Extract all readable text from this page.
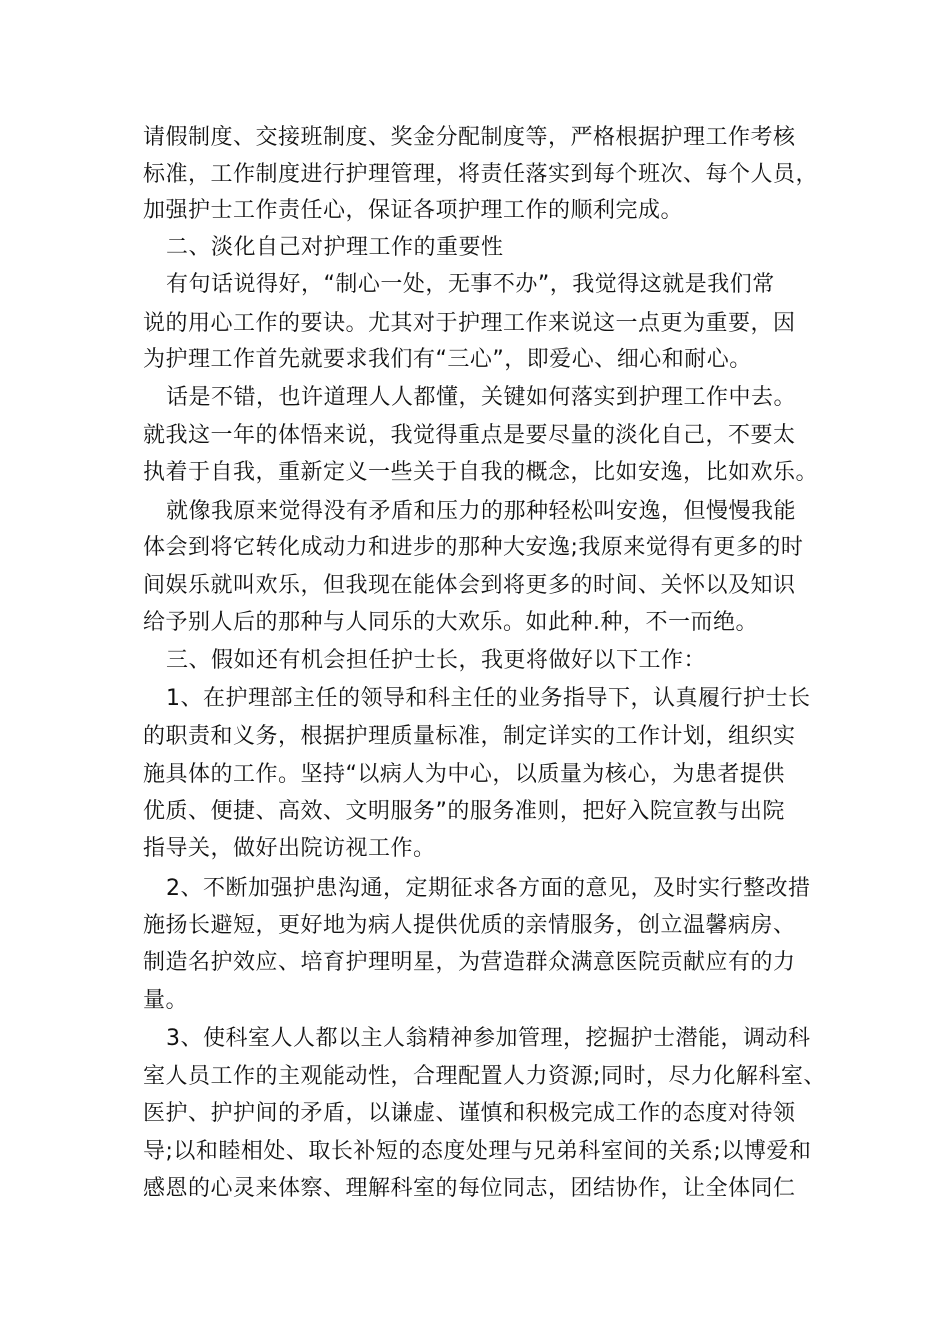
请假制度、交接班制度、奖金分配制度等，严格根据护理工作考核
标准，工作制度进行护理管理，将责任落实到每个班次、每个人员，
加强护士工作责任心，保证各项护理工作的顺利完成。
二、淡化自己对护理工作的重要性
有句话说得好，“制心一处，无事不办”，我觉得这就是我们常
说的用心工作的要诀。尤其对于护理工作来说这一点更为重要，因
为护理工作首先就要求我们有“三心”，即爱心、细心和耐心。
话是不错，也许道理人人都懂，关键如何落实到护理工作中去。
就我这一年的体悟来说，我觉得重点是要尽量的淡化自己，不要太
执着于自我，重新定义一些关于自我的概念，比如安逸，比如欢乐。
就像我原来觉得没有矛盾和压力的那种轻松叫安逸，但慢慢我能
体会到将它转化成动力和进步的那种大安逸;我原来觉得有更多的时
间娱乐就叫欢乐，但我现在能体会到将更多的时间、关怀以及知识
给予别人后的那种与人同乐的大欢乐。如此种.种，不一而绝。
三、假如还有机会担任护士长，我更将做好以下工作：
1、在护理部主任的领导和科主任的业务指导下，认真履行护士长
的职责和义务，根据护理质量标准，制定详实的工作计划，组织实
施具体的工作。坚持“以病人为中心，以质量为核心，为患者提供
优质、便捷、高效、文明服务”的服务准则，把好入院宣教与出院
指导关，做好出院访视工作。
2、不断加强护患沟通，定期征求各方面的意见，及时实行整改措
施扬长避短，更好地为病人提供优质的亲情服务，创立温馨病房、
制造名护效应、培育护理明星，为营造群众满意医院贡献应有的力
量。
3、使科室人人都以主人翁精神参加管理，挖掘护士潜能，调动科
室人员工作的主观能动性，合理配置人力资源;同时，尽力化解科室、
医护、护护间的矛盾，以谦虚、谨慎和积极完成工作的态度对待领
导;以和睦相处、取长补短的态度处理与兄弟科室间的关系;以博爱和
感恩的心灵来体察、理解科室的每位同志，团结协作，让全体同仁
